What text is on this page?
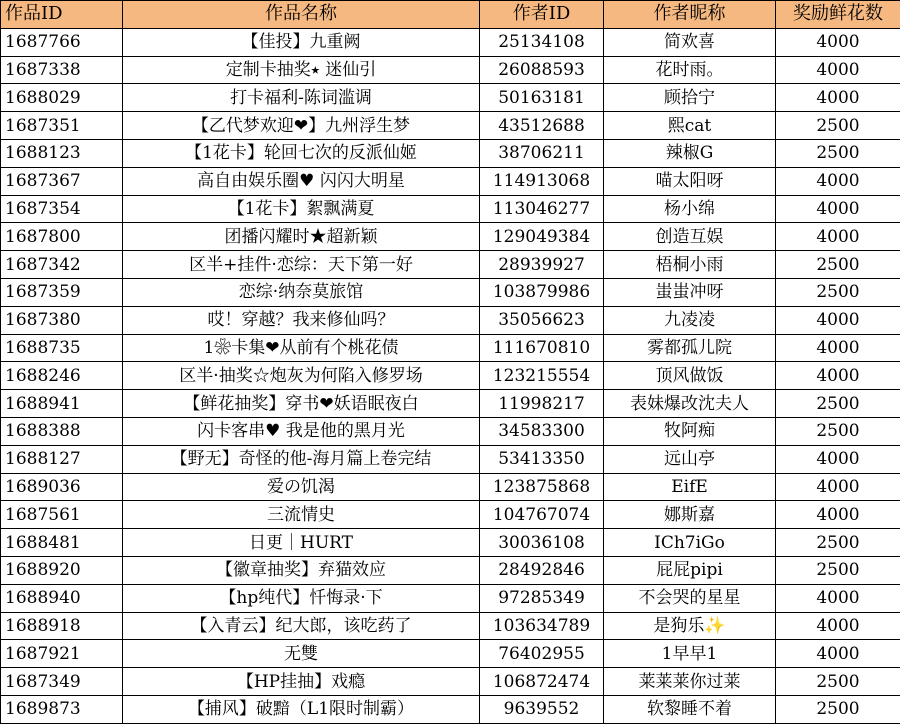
作品ID	作品名称	作者ID	作者昵称	奖励鲜花数
1687766	【佳投】九重阙	25134108	简欢喜	4000
1687338	定制卡抽奖⭑ 迷仙引	26088593	花时雨。	4000
1688029	打卡福利-陈词滥调	50163181	顾拾宁	4000
1687351	【乙代梦欢迎❤】九州浮生梦	43512688	熙cat	2500
1688123	【1花卡】轮回七次的反派仙姬	38706211	辣椒G	2500
1687367	高自由娱乐圈♥ 闪闪大明星	114913068	喵太阳呀	4000
1687354	【1花卡】絮飘满夏	113046277	杨小绵	4000
1687800	团播闪耀时★超新颖	129049384	创造互娱	4000
1687342	区半+挂件·恋综：天下第一好	28939927	梧桐小雨	2500
1687359	恋综·纳奈莫旅馆	103879986	蚩蚩冲呀	2500
1687380	哎！穿越？我来修仙吗？	35056623	九凌凌	4000
1688735	1❀卡集❤从前有个桃花债	111670810	雾都孤儿院	4000
1688246	区半·抽奖☆炮灰为何陷入修罗场	123215554	顶风做饭	4000
1688941	【鲜花抽奖】穿书❤妖语眠夜白	11998217	表妹爆改沈夫人	2500
1688388	闪卡客串♥ 我是他的黑月光	34583300	牧阿痴	2500
1688127	【野无】奇怪的他-海月篇上卷完结	53413350	远山亭	4000
1689036	爱の饥渴	123875868	EifE	4000
1687561	三流情史	104767074	娜斯嘉	4000
1688481	日更｜HURT	30036108	ICh7iGo	2500
1688920	【徽章抽奖】弃猫效应	28492846	屁屁pipi	2500
1688940	【hp纯代】忏悔录·下	97285349	不会哭的星星	4000
1688918	【入青云】纪大郎，该吃药了	103634789	是狗乐✨	4000
1687921	无雙	76402955	1早早1	4000
1687349	【HP挂抽】戏瘾	106872474	莱莱莱你过莱	2500
1689873	【捕风】破黯（L1限时制霸）	9639552	软黎睡不着	2500
